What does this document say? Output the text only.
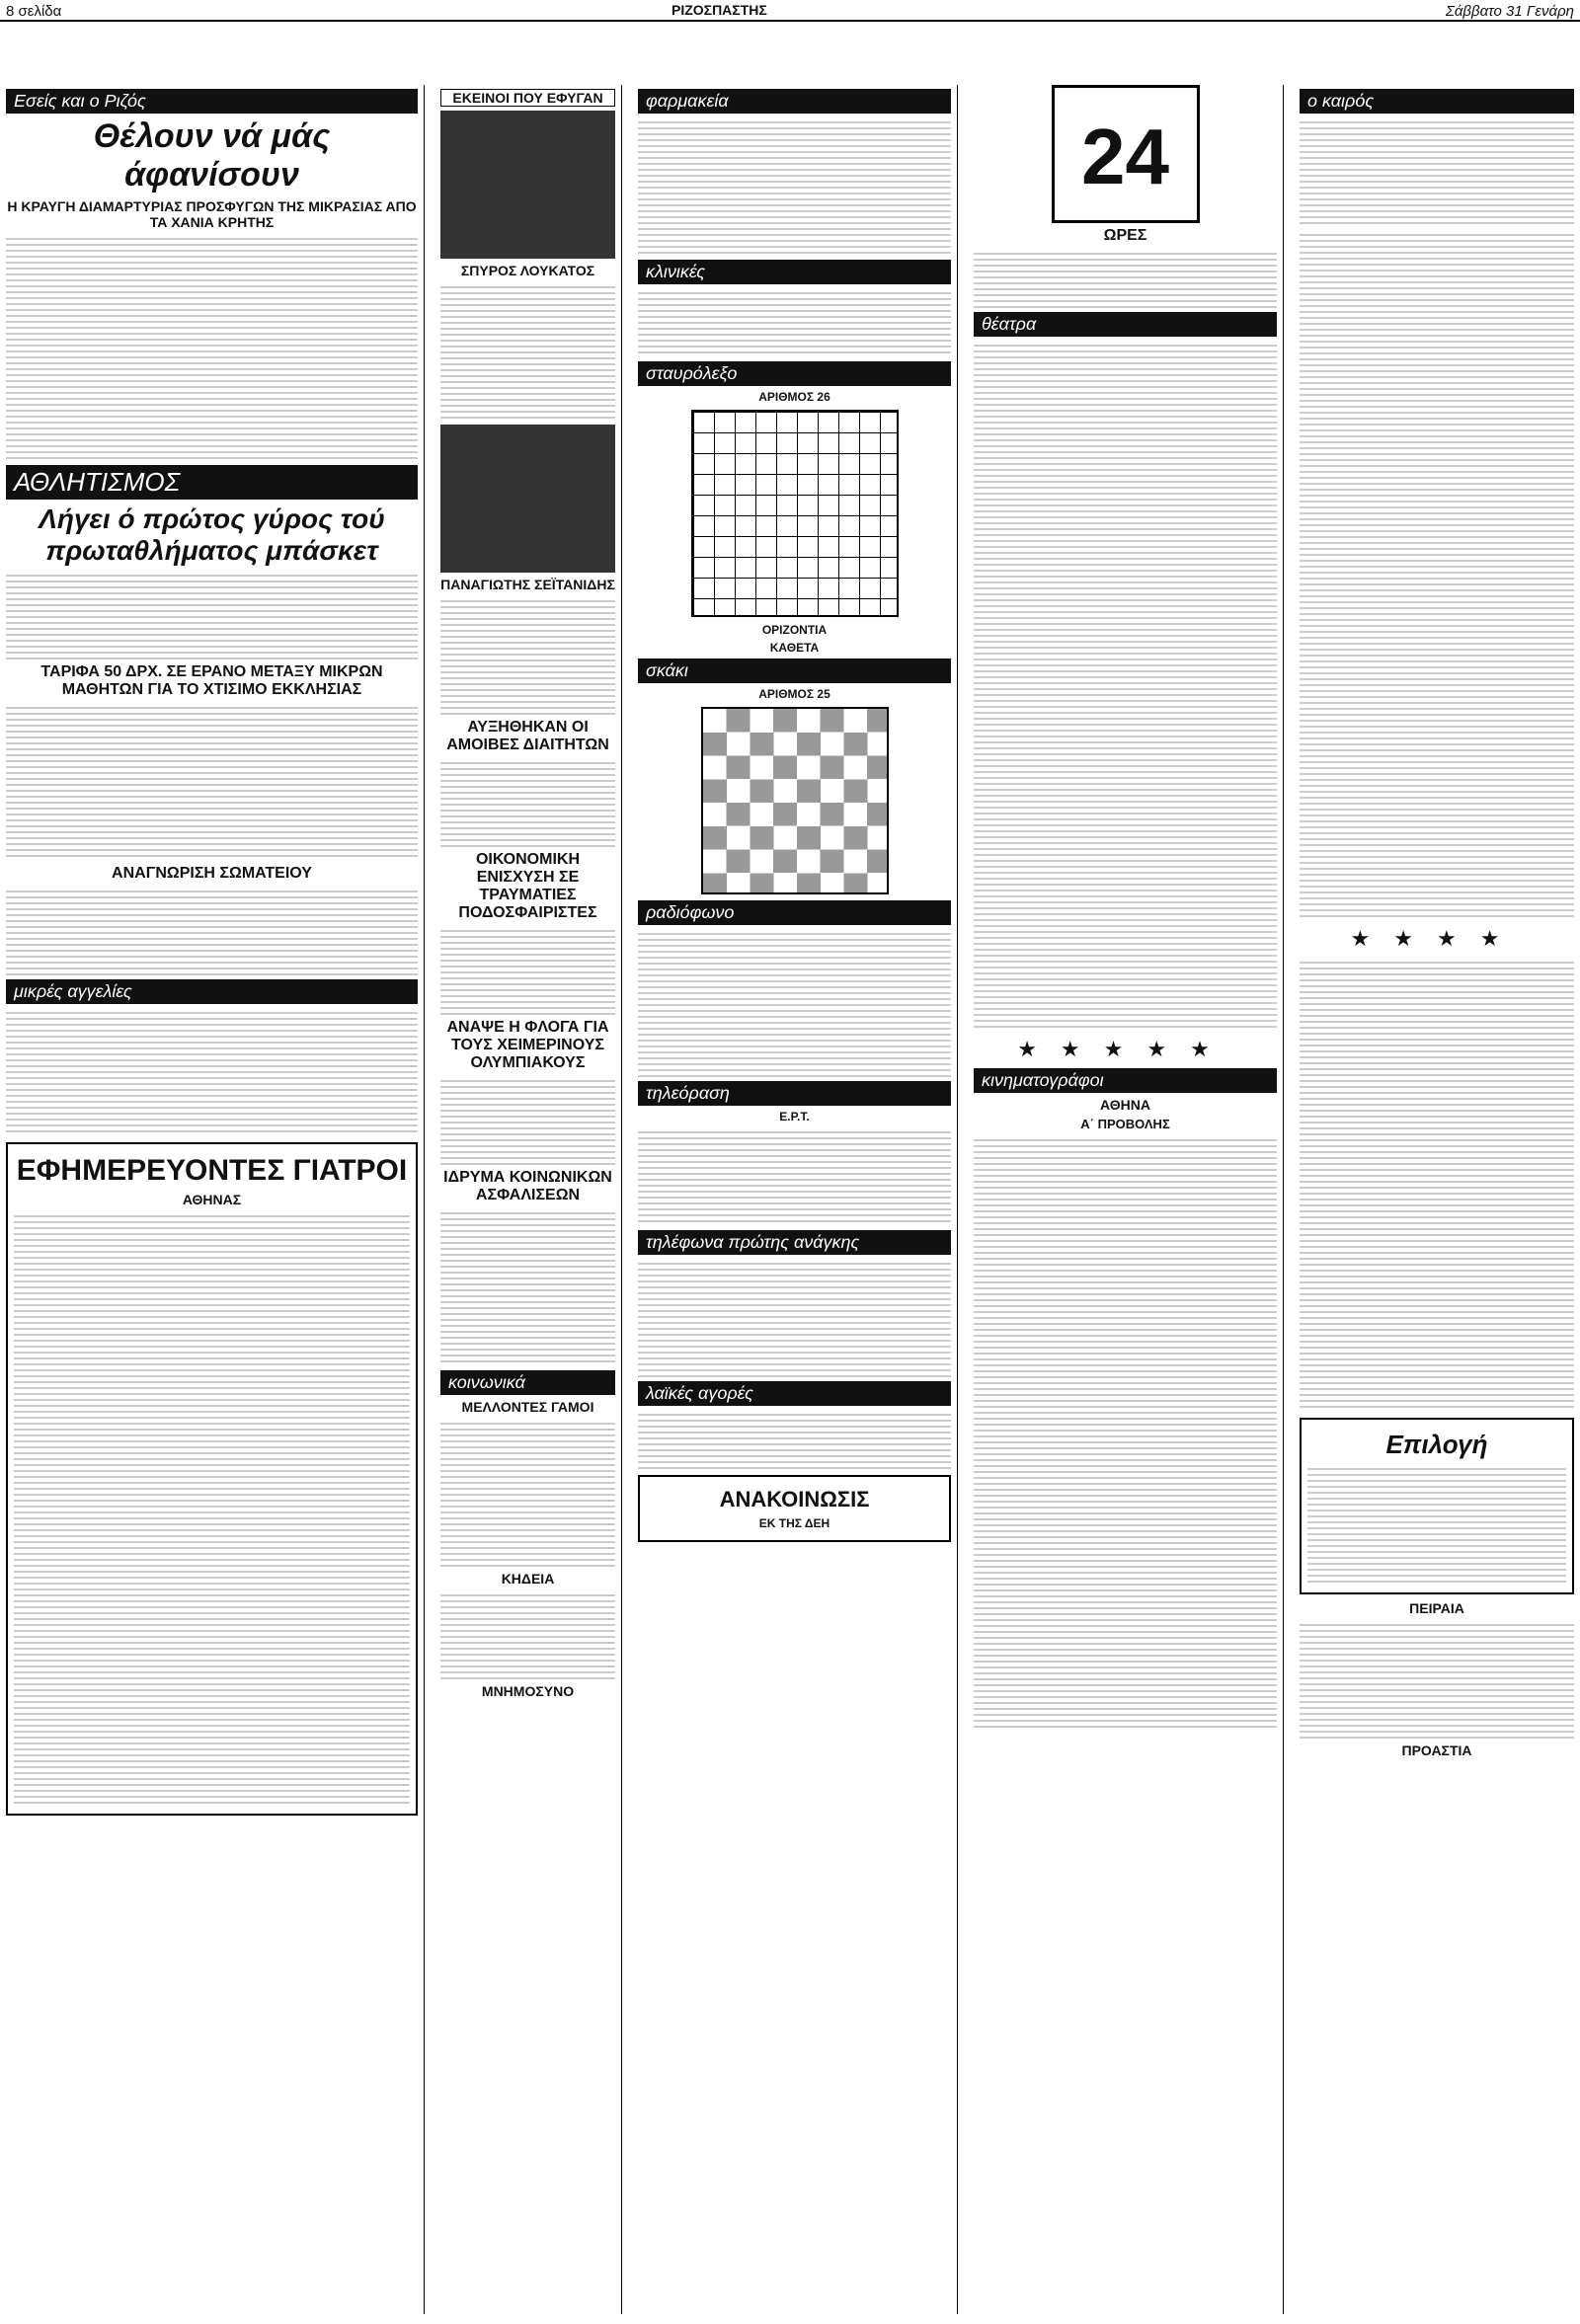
8 σελίδα	ΡΙΖΟΣΠΑΣΤΗΣ	Σάββατο 31 Γενάρη
Εσείς και ο Ριζός
Θέλουν νά μάς άφανίσουν
Η ΚΡΑΥΓΗ ΔΙΑΜΑΡΤΥΡΙΑΣ ΠΡΟΣΦΥΓΩΝ ΤΗΣ ΜΙΚΡΑΣΙΑΣ ΑΠΟ ΤΑ ΧΑΝΙΑ ΚΡΗΤΗΣ
ΑΘΛΗΤΙΣΜΟΣ
Λήγει ό πρώτος γύρος τού πρωταθλήματος μπάσκετ
ΤΑΡΙΦΑ 50 ΔΡΧ. ΣΕ ΕΡΑΝΟ ΜΕΤΑΞΥ ΜΙΚΡΩΝ ΜΑΘΗΤΩΝ ΓΙΑ ΤΟ ΧΤΙΣΙΜΟ ΕΚΚΛΗΣΙΑΣ
ΑΝΑΓΝΩΡΙΣΗ ΣΩΜΑΤΕΙΟΥ
μικρές αγγελίες
ΕΦΗΜΕΡΕΥΟΝΤΕΣ ΓΙΑΤΡΟΙ
ΑΘΗΝΑΣ
ΕΚΕΙΝΟΙ ΠΟΥ ΕΦΥΓΑΝ
ΣΠΥΡΟΣ ΛΟΥΚΑΤΟΣ
ΠΑΝΑΓΙΩΤΗΣ ΣΕΪΤΑΝΙΔΗΣ
ΑΥΞΗΘΗΚΑΝ ΟΙ ΑΜΟΙΒΕΣ ΔΙΑΙΤΗΤΩΝ
ΟΙΚΟΝΟΜΙΚΗ ΕΝΙΣΧΥΣΗ ΣΕ ΤΡΑΥΜΑΤΙΕΣ ΠΟΔΟΣΦΑΙΡΙΣΤΕΣ
ΑΝΑΨΕ Η ΦΛΟΓΑ ΓΙΑ ΤΟΥΣ ΧΕΙΜΕΡΙΝΟΥΣ ΟΛΥΜΠΙΑΚΟΥΣ
ΙΔΡΥΜΑ ΚΟΙΝΩΝΙΚΩΝ ΑΣΦΑΛΙΣΕΩΝ
κοινωνικά
ΜΕΛΛΟΝΤΕΣ ΓΑΜΟΙ
ΚΗΔΕΙΑ
ΜΝΗΜΟΣΥΝΟ
φαρμακεία
κλινικές
σταυρόλεξο
ΑΡΙΘΜΟΣ 26
ΟΡΙΖΟΝΤΙΑ
ΚΑΘΕΤΑ
σκάκι
ΑΡΙΘΜΟΣ 25
ραδιόφωνο
τηλεόραση
Ε.Ρ.Τ.
τηλέφωνα πρώτης ανάγκης
λαϊκές αγορές
ΑΝΑΚΟΙΝΩΣΙΣ
ΕΚ ΤΗΣ ΔΕΗ
24
ΩΡΕΣ
θέατρα
★★★★★
κινηματογράφοι
ΑΘΗΝΑ
Α΄ ΠΡΟΒΟΛΗΣ
ο καιρός
★★★★
Επιλογή
ΠΕΙΡΑΙΑ
ΠΡΟΑΣΤΙΑ
